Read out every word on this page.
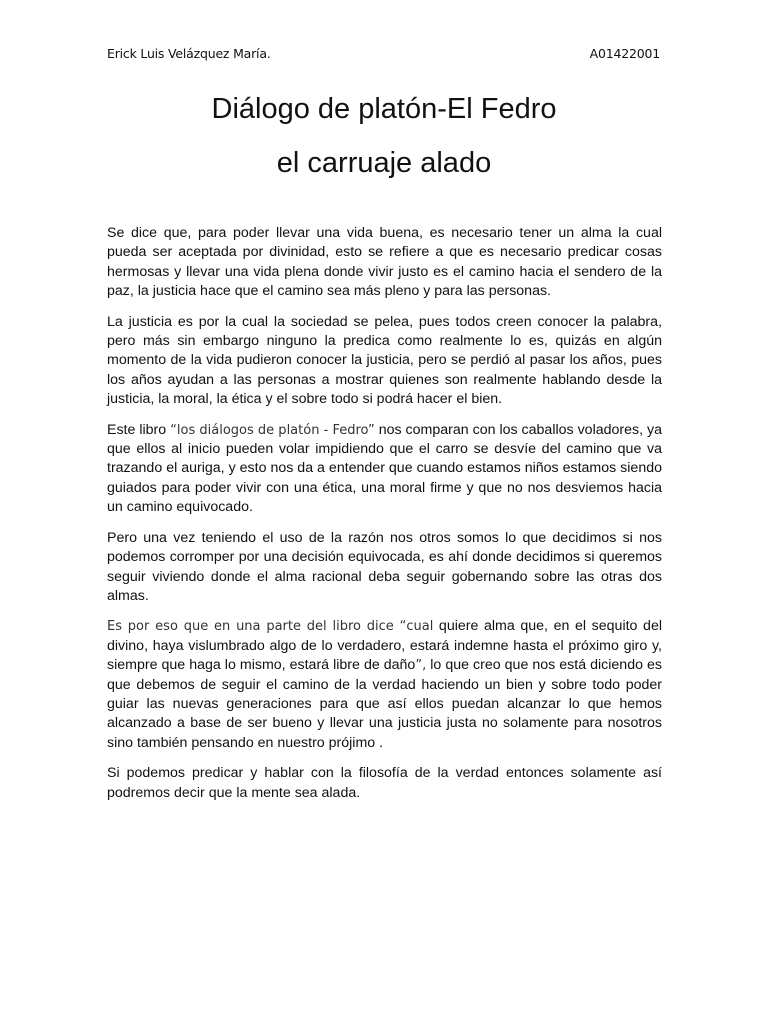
Erick Luis Velázquez María.	A01422001
Diálogo de platón-El Fedro
el carruaje alado

Se dice que, para poder llevar una vida buena, es necesario tener un alma la cual pueda ser aceptada por divinidad, esto se refiere a que es necesario predicar cosas hermosas y llevar una vida plena donde vivir justo es el camino hacia el sendero de la paz, la justicia hace que el camino sea más pleno y para las personas.

La justicia es por la cual la sociedad se pelea, pues todos creen conocer la palabra, pero más sin embargo ninguno la predica como realmente lo es, quizás en algún momento de la vida pudieron conocer la justicia, pero se perdió al pasar los años, pues los años ayudan a las personas a mostrar quienes son realmente hablando desde la justicia, la moral, la ética y el sobre todo si podrá hacer el bien.

Este libro “los diálogos de platón - Fedro” nos comparan con los caballos voladores, ya que ellos al inicio pueden volar impidiendo que el carro se desvíe del camino que va trazando el auriga, y esto nos da a entender que cuando estamos niños estamos siendo guiados para poder vivir con una ética, una moral firme y que no nos desviemos hacia un camino equivocado.

Pero una vez teniendo el uso de la razón nos otros somos lo que decidimos si nos podemos corromper por una decisión equivocada, es ahí donde decidimos si queremos seguir viviendo donde el alma racional deba seguir gobernando sobre las otras dos almas.

Es por eso que en una parte del libro dice “cual quiere alma que, en el sequito del divino, haya vislumbrado algo de lo verdadero, estará indemne hasta el próximo giro y, siempre que haga lo mismo, estará libre de daño”, lo que creo que nos está diciendo es que debemos de seguir el camino de la verdad haciendo un bien y sobre todo poder guiar las nuevas generaciones para que así ellos puedan alcanzar lo que hemos alcanzado a base de ser bueno y llevar una justicia justa no solamente para nosotros sino también pensando en nuestro prójimo .

Si podemos predicar y hablar con la filosofía de la verdad entonces solamente así podremos decir que la mente sea alada.
